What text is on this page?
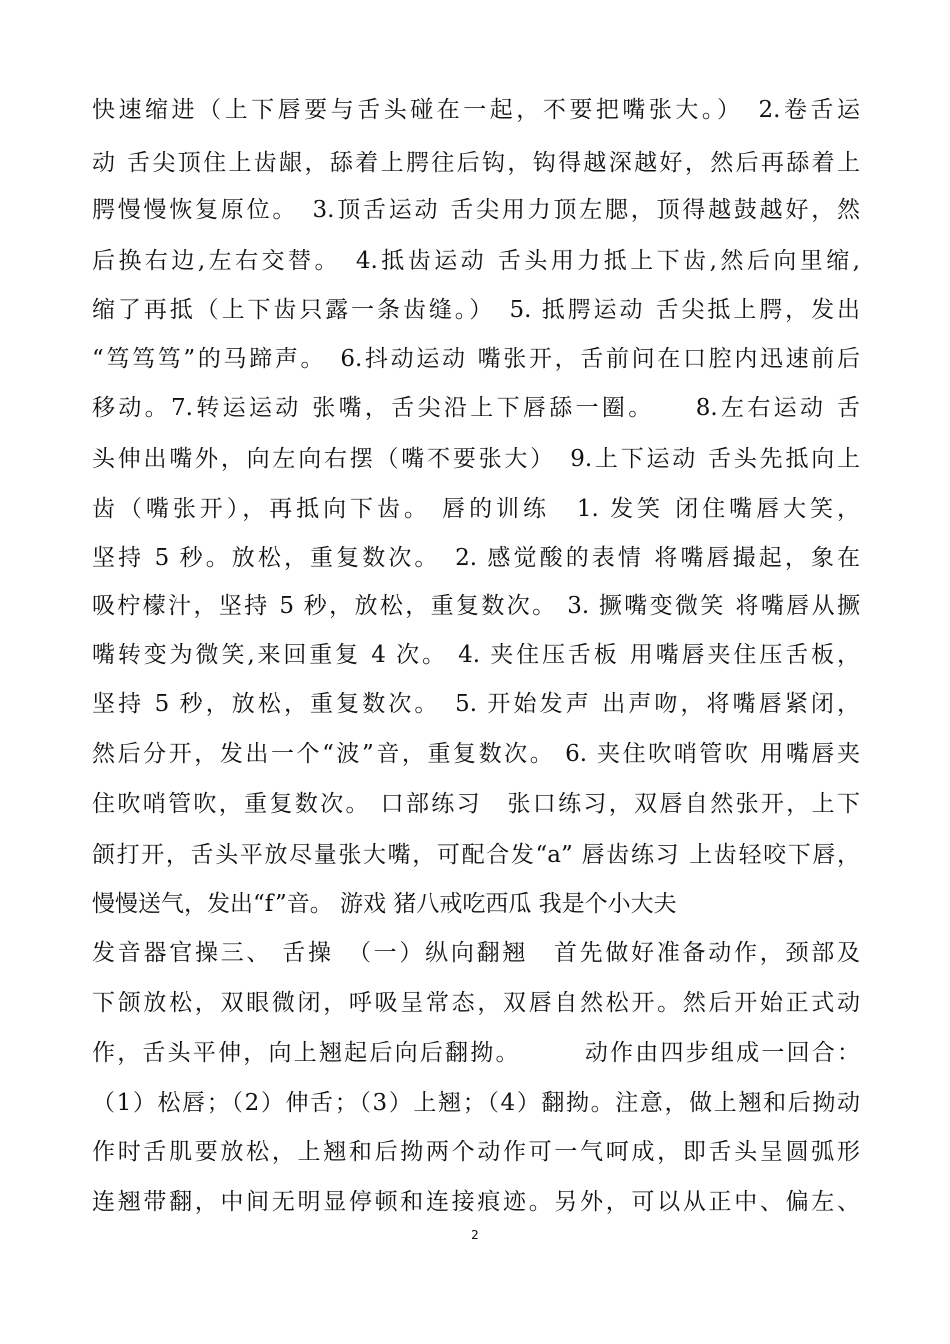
快速缩进（上下唇要与舌头碰在一起，不要把嘴张大。）　2.卷舌运
动 舌尖顶住上齿龈，舔着上腭往后钩，钩得越深越好，然后再舔着上
腭慢慢恢复原位。　3.顶舌运动 舌尖用力顶左腮，顶得越鼓越好，然
后换右边,左右交替。　4.抵齿运动 舌头用力抵上下齿,然后向里缩,
缩了再抵（上下齿只露一条齿缝。）　5. 抵腭运动 舌尖抵上腭，发出
“笃笃笃”的马蹄声。　6.抖动运动 嘴张开，舌前问在口腔内迅速前后
移动。7.转运运动 张嘴，舌尖沿上下唇舔一圈。　　8.左右运动 舌
头伸出嘴外，向左向右摆（嘴不要张大）　9.上下运动 舌头先抵向上
齿（嘴张开），再抵向下齿。 唇的训练　1. 发笑 闭住嘴唇大笑，
坚持 5 秒。放松，重复数次。　2. 感觉酸的表情 将嘴唇撮起，象在
吸柠檬汁，坚持 5 秒，放松，重复数次。 3. 撅嘴变微笑 将嘴唇从撅
嘴转变为微笑,来回重复 4 次。 4. 夹住压舌板 用嘴唇夹住压舌板，
坚持 5 秒，放松，重复数次。　5. 开始发声 出声吻，将嘴唇紧闭，
然后分开，发出一个“波”音，重复数次。 6. 夹住吹哨管吹 用嘴唇夹
住吹哨管吹，重复数次。 口部练习　张口练习，双唇自然张开，上下
颌打开，舌头平放尽量张大嘴，可配合发“a” 唇齿练习 上齿轻咬下唇，
慢慢送气，发出“f”音。 游戏 猪八戒吃西瓜 我是个小大夫
发音器官操三、 舌操　（一）纵向翻翘　首先做好准备动作，颈部及
下颌放松，双眼微闭，呼吸呈常态，双唇自然松开。然后开始正式动
作，舌头平伸，向上翘起后向后翻拗。　　　动作由四步组成一回合：
（1）松唇；（2）伸舌；（3）上翘；（4）翻拗。注意，做上翘和后拗动
作时舌肌要放松，上翘和后拗两个动作可一气呵成，即舌头呈圆弧形
连翘带翻，中间无明显停顿和连接痕迹。另外，可以从正中、偏左、
2
